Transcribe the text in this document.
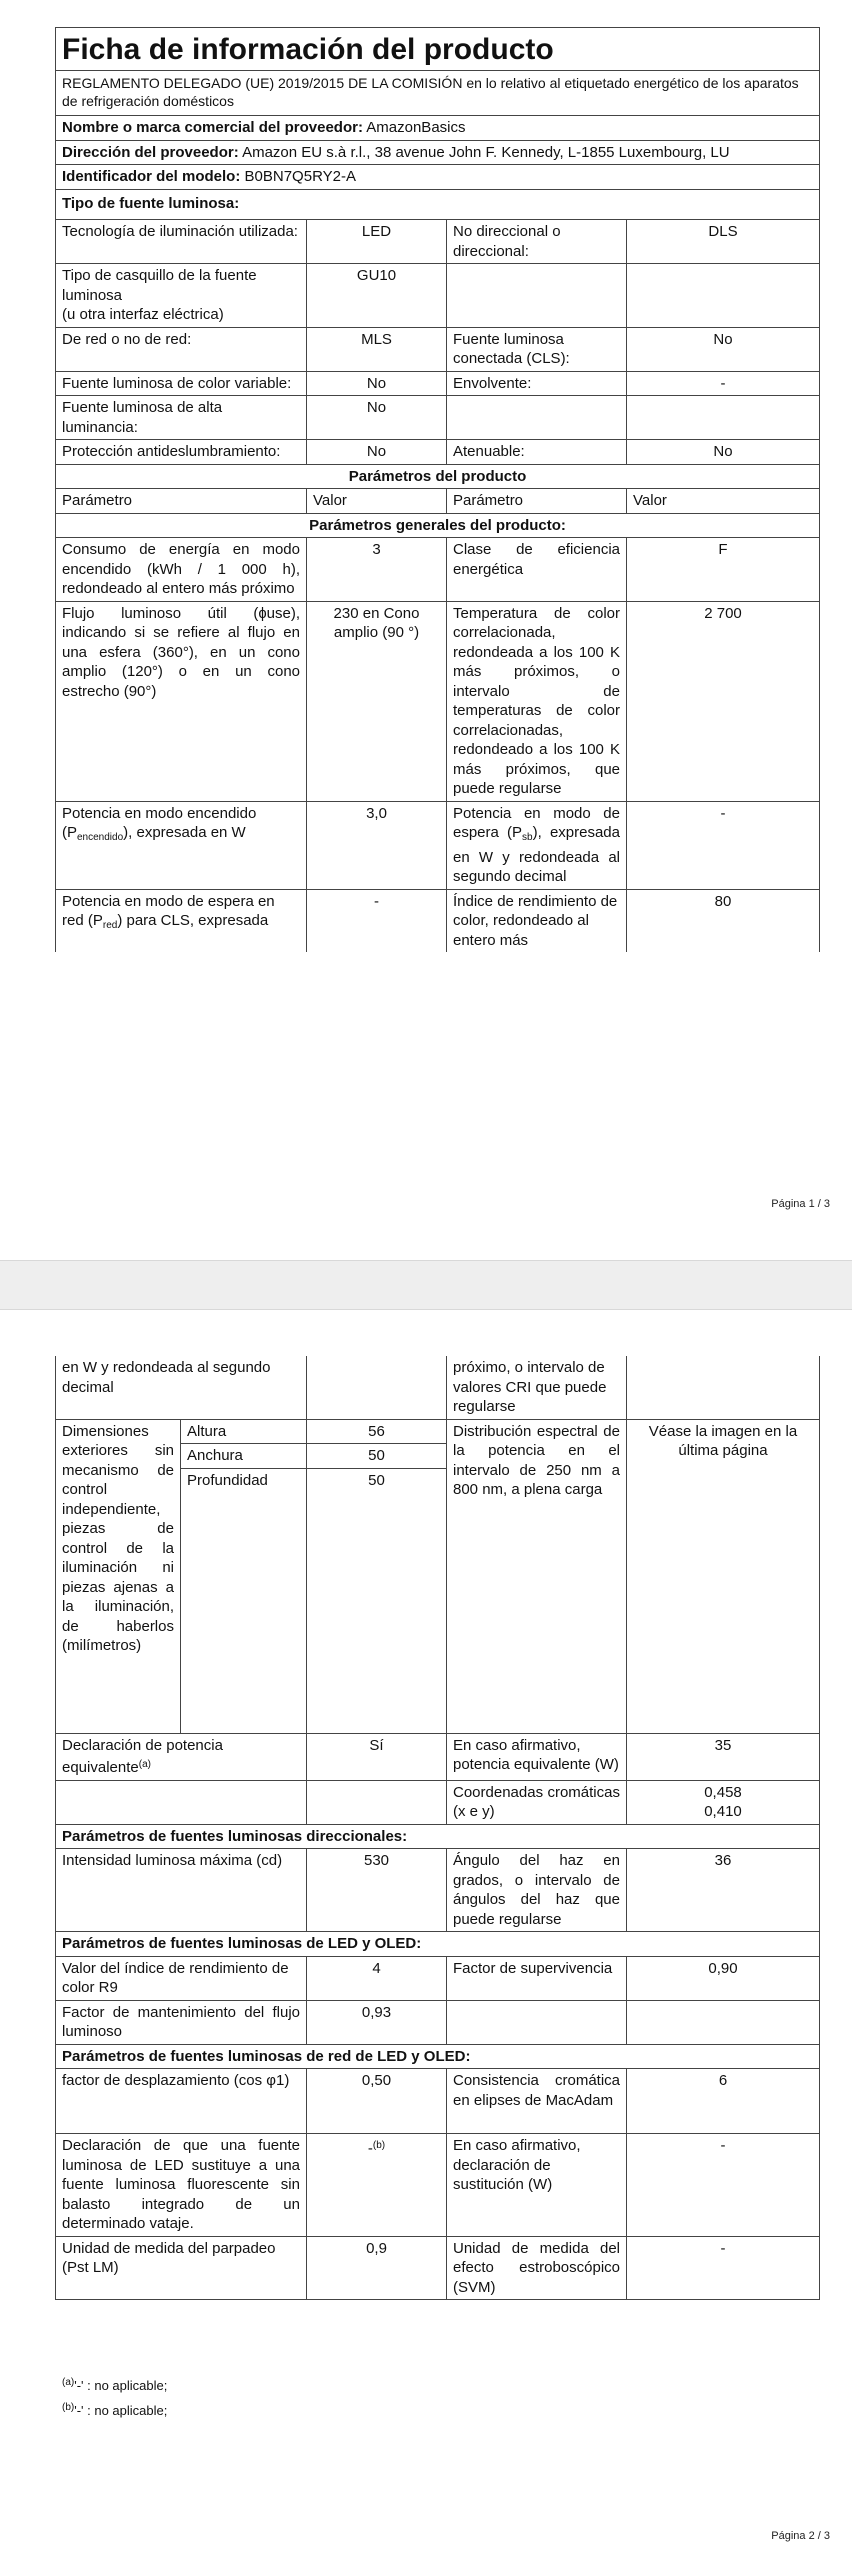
Ficha de información del producto			
REGLAMENTO DELEGADO (UE) 2019/2015 DE LA COMISIÓN en lo relativo al etiquetado energético de los aparatos de refrigeración domésticos			
Nombre o marca comercial del proveedor: AmazonBasics			
Dirección del proveedor: Amazon EU s.à r.l., 38 avenue John F. Kennedy, L-1855 Luxembourg, LU			
Identificador del modelo: B0BN7Q5RY2-A			
Tipo de fuente luminosa:			
Tecnología de iluminación utilizada:	LED	No direccional o direccional:	DLS

Tipo de casquillo de la fuente luminosa
(u otra interfaz eléctrica)	GU10		
De red o no de red:	MLS	Fuente luminosa conectada (CLS):	No
Fuente luminosa de color variable:	No	Envolvente:	-
Fuente luminosa de alta luminancia:	No		
Protección antideslumbramiento:	No	Atenuable:	No
Parámetros del producto			
Parámetro	Valor	Parámetro	Valor
Parámetros generales del producto:			
Consumo de energía en modo encendido (kWh / 1 000 h), redondeado al entero más próximo	3	Clase de eficiencia energética	F
Flujo luminoso útil (ɸuse), indicando si se refiere al flujo en una esfera (360°), en un cono amplio (120°) o en un cono estrecho (90°)	230 en Cono amplio (90 °)	Temperatura de color correlacionada, redondeada a los 100 K más próximos, o intervalo de temperaturas de color correlacionadas, redondeado a los 100 K más próximos, que puede regularse	2 700
Potencia en modo encendido $(P_{encendido})$, expresada en W	3,0	Potencia en modo de espera $(P_{sb})$, expresada en W y redondeada al segundo decimal	-
Potencia en modo de espera en red $(P_{red})$ para CLS, expresada	-	Índice de rendimiento de color, redondeado al entero más	80
Página 1 / 3
en W y redondeada al segundo decimal			próximo, o intervalo de valores CRI que puede regularse	
Dimensiones exteriores sin mecanismo de control independiente, piezas de control de la iluminación ni piezas ajenas a la iluminación, de haberlos (milímetros)	Altura	56	Distribución espectral de la potencia en el intervalo de 250 nm a 800 nm, a plena carga	Véase la imagen en la última página
	Anchura	50		
	Profundidad	50		
Declaración de potencia equivalente$^{(a)}$		Sí	En caso afirmativo, potencia equivalente (W)	35
			Coordenadas cromáticas (x e y)	0,458
0,410

Parámetros de fuentes luminosas direccionales:				
Intensidad luminosa máxima (cd)		530	Ángulo del haz en grados, o intervalo de ángulos del haz que puede regularse	36
Parámetros de fuentes luminosas de LED y OLED:				
Valor del índice de rendimiento de color R9		4	Factor de supervivencia	0,90
Factor de mantenimiento del flujo luminoso		0,93		
Parámetros de fuentes luminosas de red de LED y OLED:				
factor de desplazamiento (cos φ1)		0,50	Consistencia cromática en elipses de MacAdam	6
Declaración de que una fuente luminosa de LED sustituye a una fuente luminosa fluorescente sin balasto integrado de un determinado vataje.		-$^{(b)}$	En caso afirmativo, declaración de sustitución (W)	-
Unidad de medida del parpadeo (Pst LM)		0,9	Unidad de medida del efecto estroboscópico (SVM)	-
$^{(a)}$'-' : no aplicable;
$^{(b)}$'-' : no aplicable;
Página 2 / 3
